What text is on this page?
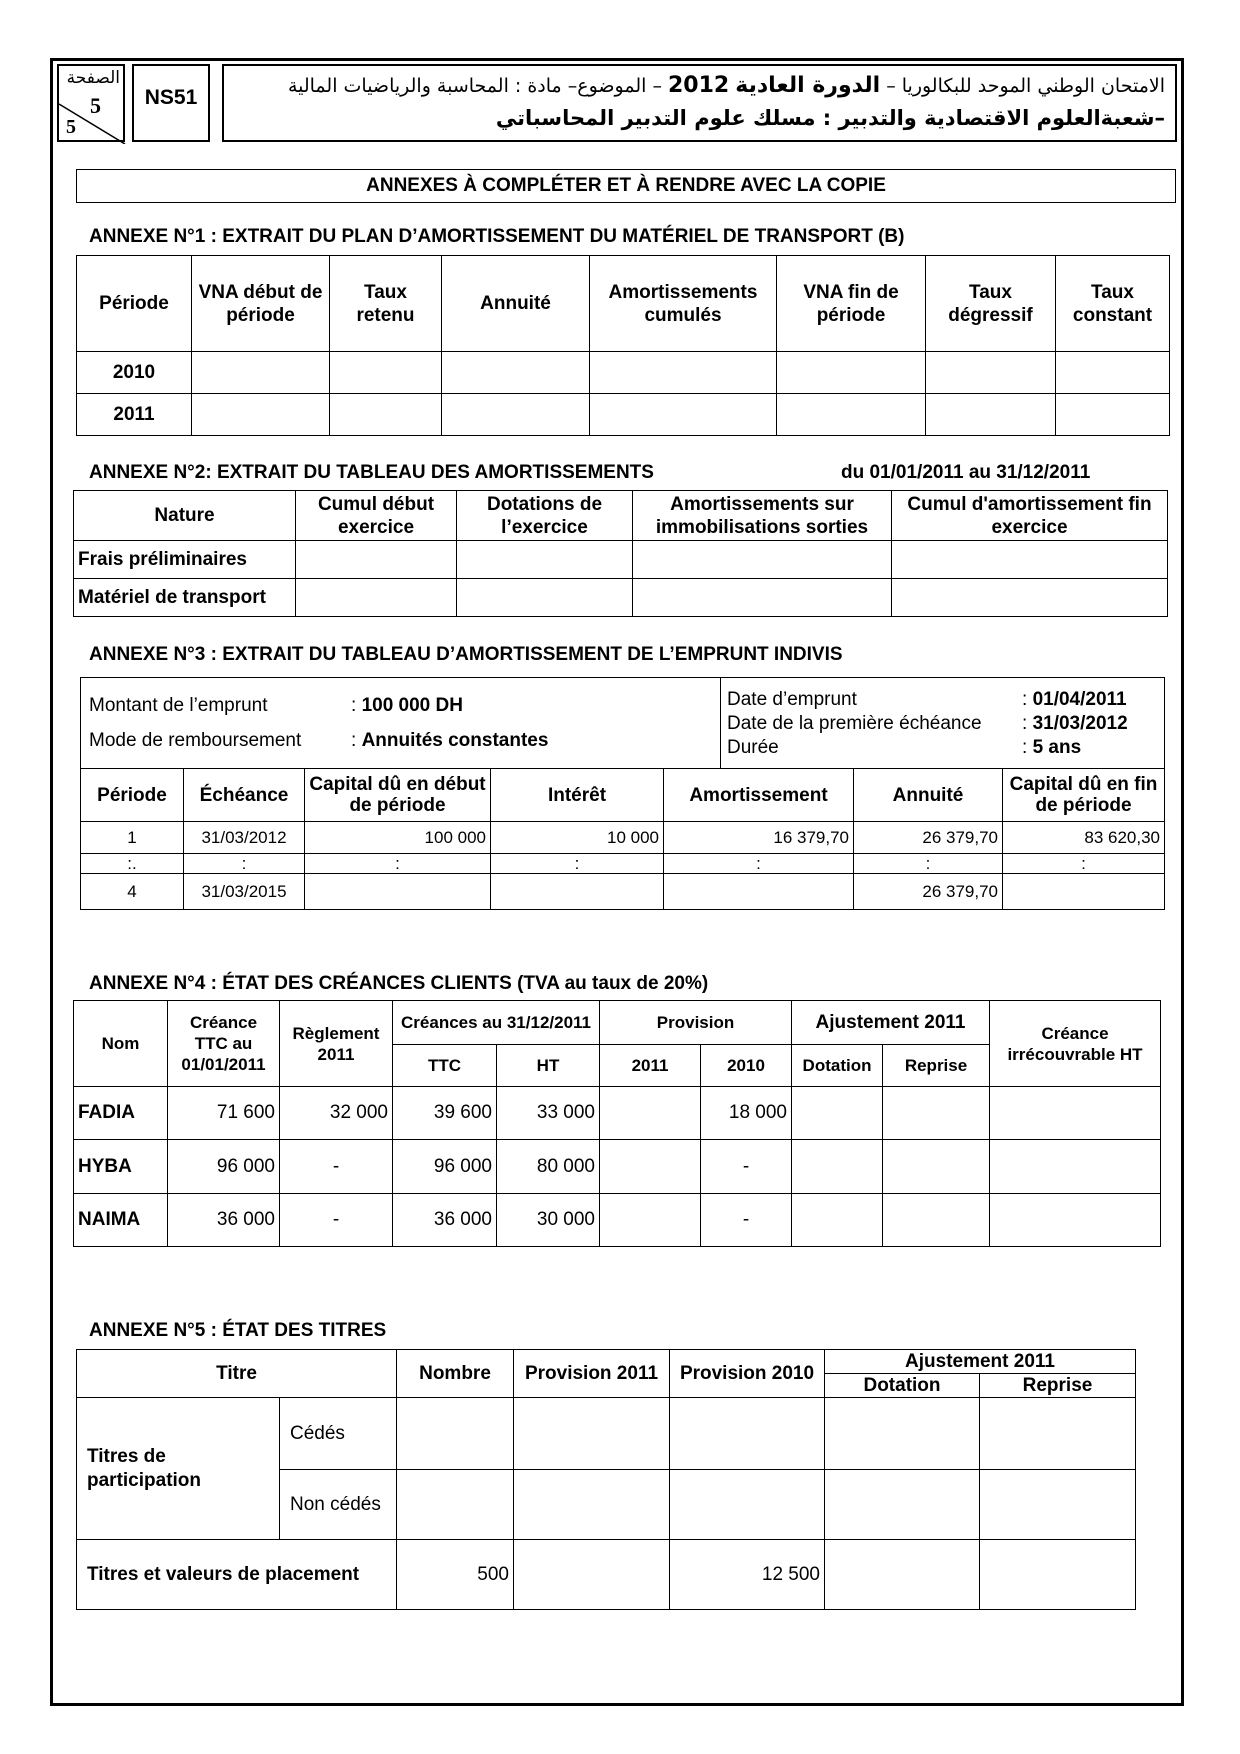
الصفحة
5
5
NS51	الامتحان الوطني الموحد للبكالوريا – الدورة العادية 2012 – الموضوع– مادة : المحاسبة والرياضيات المالية
–شعبةالعلوم الاقتصادية والتدبير : مسلك علوم التدبير المحاسباتي
ANNEXES À COMPLÉTER ET À RENDRE AVEC LA COPIE
ANNEXE N°1 : EXTRAIT DU PLAN D’AMORTISSEMENT DU MATÉRIEL DE TRANSPORT (B)
Période	VNA début de période	Taux retenu	Annuité	Amortissements cumulés	VNA fin de période	Taux dégressif	Taux constant
2010							
2011							
ANNEXE N°2: EXTRAIT DU TABLEAU DES AMORTISSEMENTS	du 01/01/2011 au 31/12/2011
Nature	Cumul début exercice	Dotations de l’exercice	Amortissements sur immobilisations sorties	Cumul d'amortissement fin exercice
Frais préliminaires				
Matériel de transport				
ANNEXE N°3 : EXTRAIT DU TABLEAU D’AMORTISSEMENT DE L’EMPRUNT INDIVIS
Montant de l’emprunt	: 100 000 DH
Mode de remboursement	: Annuités constantes

Date d’emprunt	: 01/04/2011
Date de la première échéance	: 31/03/2012
Durée	: 5 ans
Période	Échéance	Capital dû en début de période	Intérêt	Amortissement	Annuité	Capital dû en fin de période
1	31/03/2012	100 000	10 000	16 379,70	26 379,70	83 620,30
:.	:	:	:	:	:	:
4	31/03/2015				26 379,70	
ANNEXE N°4 : ÉTAT DES CRÉANCES CLIENTS (TVA au taux de 20%)
Nom	Créance TTC au 01/01/2011	Règlement 2011	Créances au 31/12/2011		Provision		Ajustement 2011		Créance irrécouvrable HT
			TTC	HT	2011	2010	Dotation	Reprise	
FADIA	71 600	32 000	39 600	33 000		18 000			
HYBA	96 000	-	96 000	80 000		-			
NAIMA	36 000	-	36 000	30 000		-			
ANNEXE N°5 : ÉTAT DES TITRES
Titre		Nombre	Provision 2011	Provision 2010	Ajustement 2011	
					Dotation	Reprise
Titres de participation	Cédés					
	Non cédés					
Titres et valeurs de placement		500		12 500		
